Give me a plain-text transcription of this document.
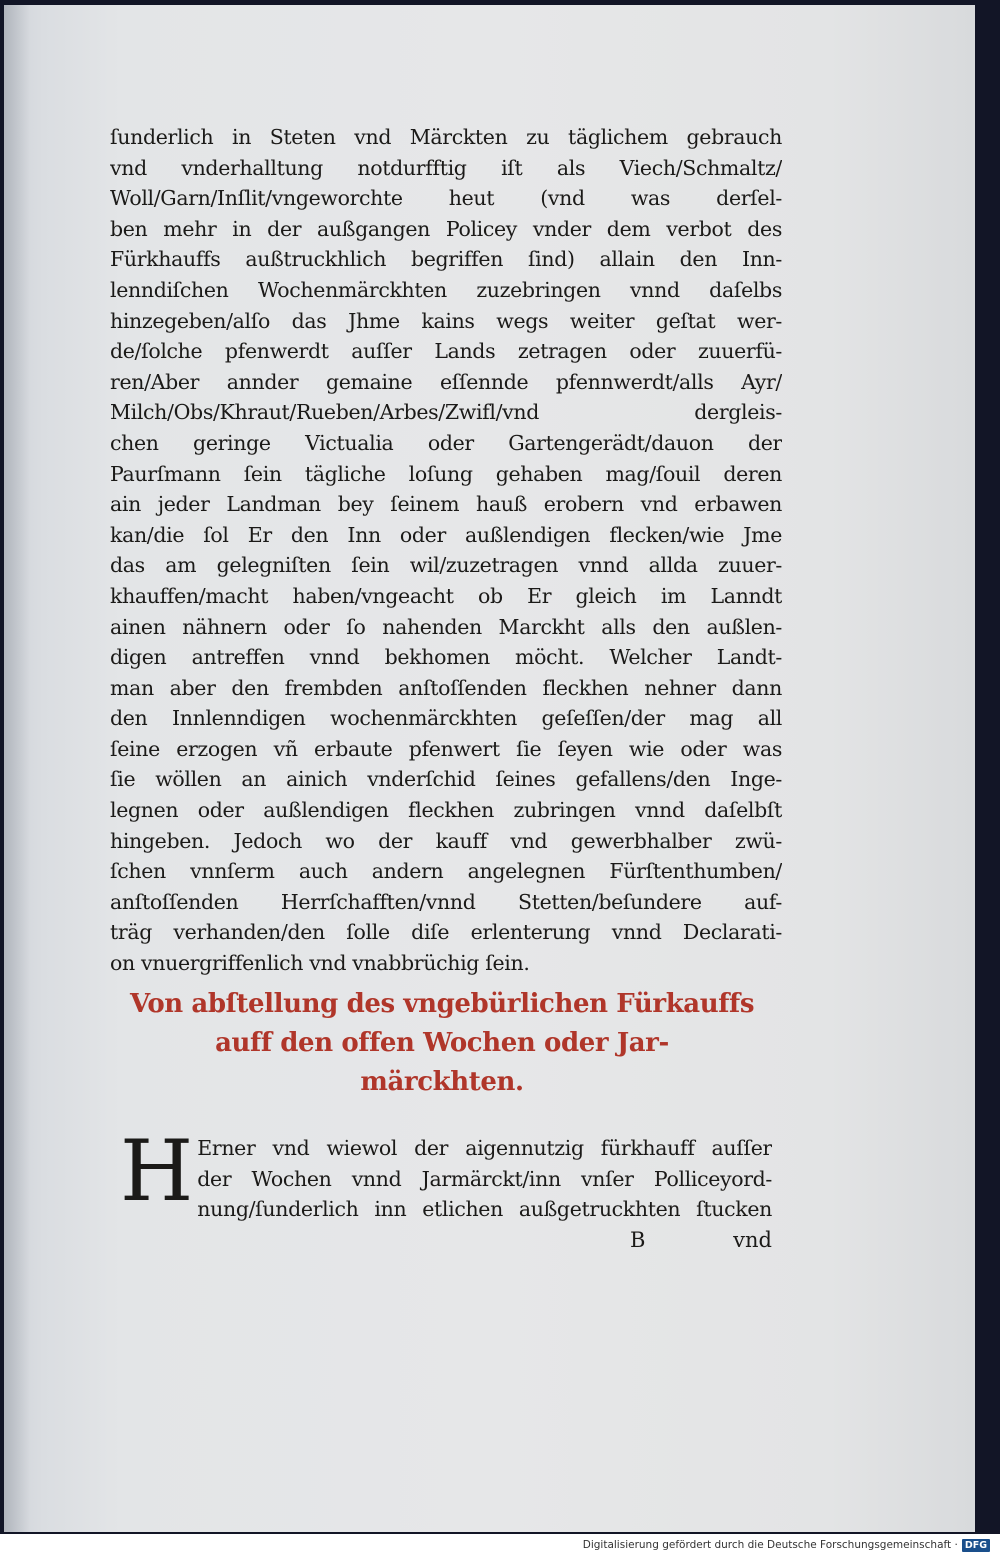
ſunderlich in Steten vnd Märckten zu täglichem gebrauch
vnd vnderhalltung notdurfftig iſt als Viech/Schmaltz/
Woll/Garn/Inſlit/vngeworchte heut (vnd was derſel-
ben mehr in der außgangen Policey vnder dem verbot des
Fürkhauffs außtruckhlich begriffen ſind) allain den Inn-
lenndiſchen Wochenmärckhten zuzebringen vnnd daſelbs
hinzegeben/alſo das Jhme kains wegs weiter geſtat wer-
de/ſolche pfenwerdt auſſer Lands zetragen oder zuuerfü-
ren/Aber annder gemaine eſſennde pfennwerdt/alls Ayr/
Milch/Obs/Khraut/Rueben/Arbes/Zwifl/vnd dergleis-
chen geringe Victualia oder Gartengerädt/dauon der
Paurſmann ſein tägliche loſung gehaben mag/ſouil deren
ain jeder Landman bey ſeinem hauß erobern vnd erbawen
kan/die ſol Er den Inn oder außlendigen flecken/wie Jme
das am gelegniſten ſein wil/zuzetragen vnnd allda zuuer-
khauffen/macht haben/vngeacht ob Er gleich im Lanndt
ainen nähnern oder ſo nahenden Marckht alls den außlen-
digen antreffen vnnd bekhomen möcht. Welcher Landt-
man aber den frembden anſtoſſenden fleckhen nehner dann
den Innlenndigen wochenmärckhten geſeſſen/der mag all
ſeine erzogen vñ erbaute pfenwert ſie ſeyen wie oder was
ſie wöllen an ainich vnderſchid ſeines gefallens/den Inge-
legnen oder außlendigen fleckhen zubringen vnnd daſelbſt
hingeben. Jedoch wo der kauff vnd gewerbhalber zwü-
ſchen vnnſerm auch andern angelegnen Fürſtenthumben/
anſtoſſenden Herrſchafften/vnnd Stetten/beſundere auf-
träg verhanden/den ſolle diſe erlenterung vnnd Declarati-
on vnuergriffenlich vnd vnabbrüchig ſein.
Von abſtellung des vngebürlichen Fürkauffs
auff den offen Wochen oder Jar-
märckhten.
H Erner vnd wiewol der aigennutzig fürkhauff auſſer
der Wochen vnnd Jarmärckt/inn vnſer Polliceyord-
nung/ſunderlich inn etlichen außgetruckhten ſtucken
B	vnd
Digitalisierung gefördert durch die Deutsche Forschungsgemeinschaft · DFG
